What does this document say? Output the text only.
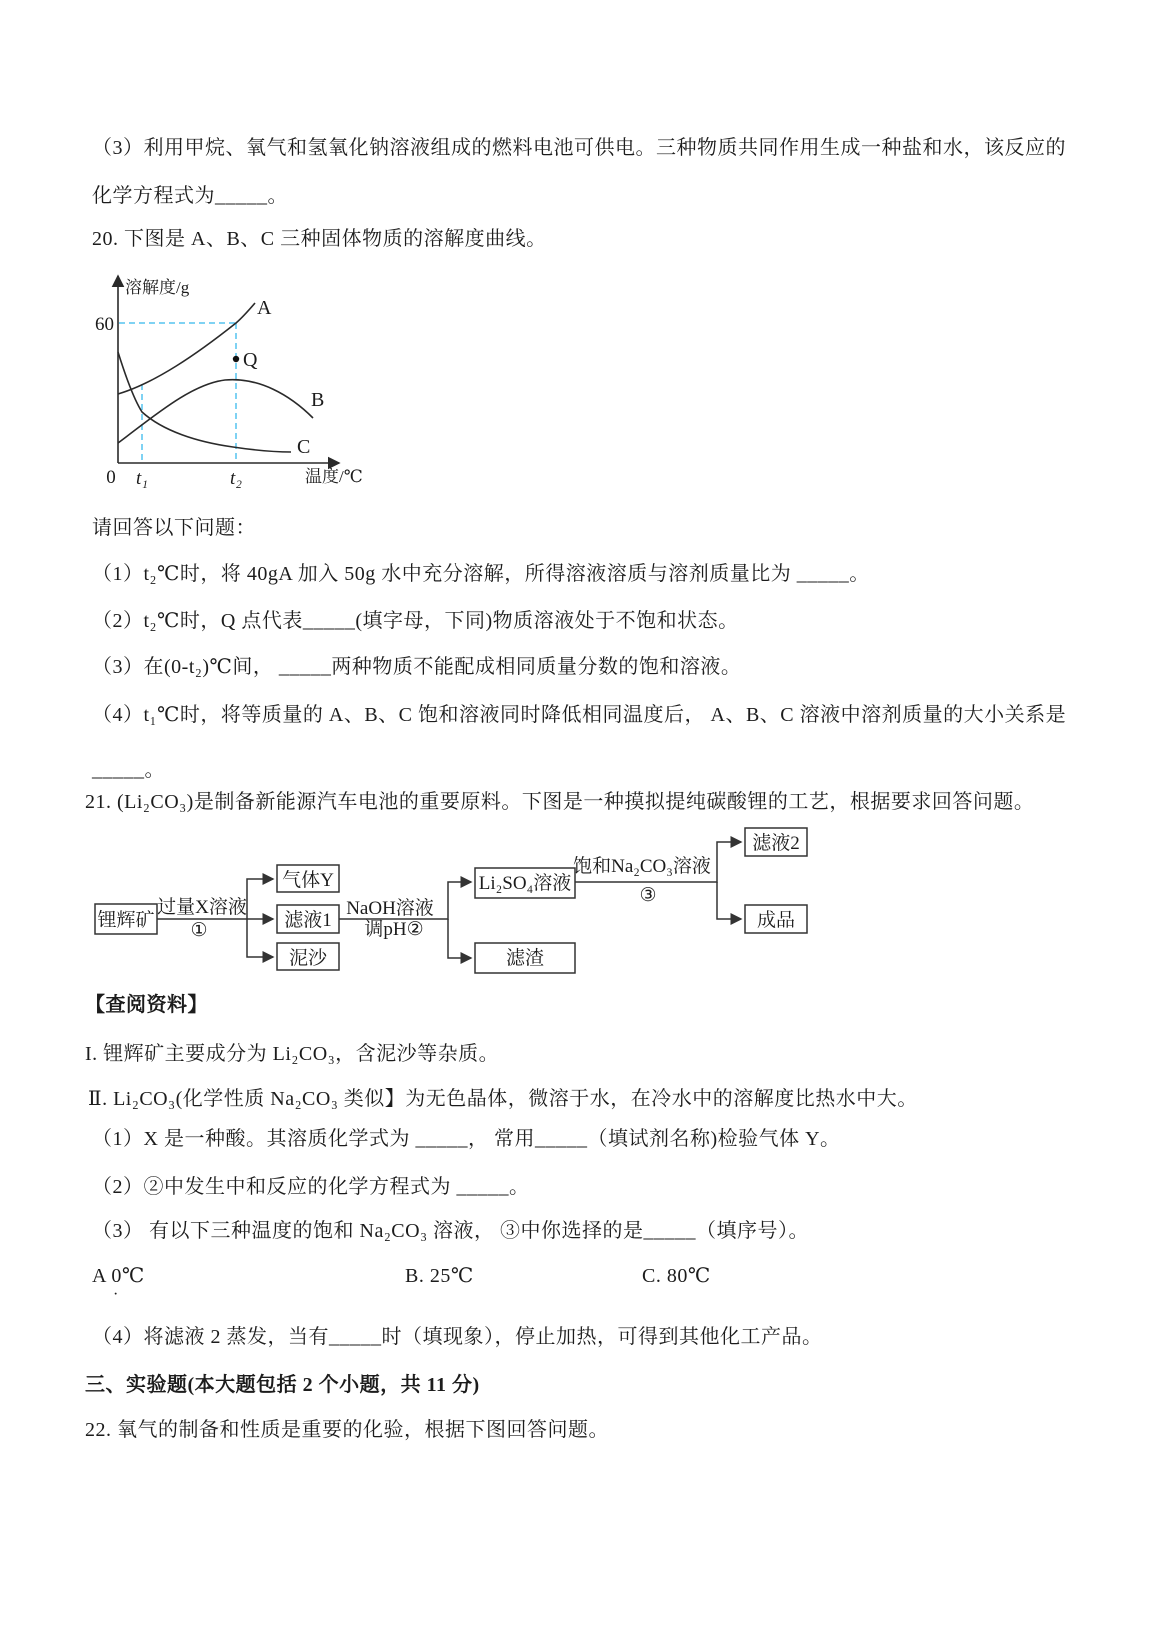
（3）利用甲烷、氧气和氢氧化钠溶液组成的燃料电池可供电。三种物质共同作用生成一种盐和水，该反应的
化学方程式为_____。
20. 下图是 A、B、C 三种固体物质的溶解度曲线。
溶解度/g
60
0 t₁	t₂	温度/℃
A
B
C
Q
请回答以下问题：
（1）t₂℃时，将 40gA 加入 50g 水中充分溶解，所得溶液溶质与溶剂质量比为 _____。
（2）t₂℃时，Q 点代表_____(填字母，下同)物质溶液处于不饱和状态。
（3）在(0-t₂)℃间， _____两种物质不能配成相同质量分数的饱和溶液。
（4）t₁℃时，将等质量的 A、B、C 饱和溶液同时降低相同温度后， A、B、C 溶液中溶剂质量的大小关系是
_____。
21. (Li₂CO₃)是制备新能源汽车电池的重要原料。下图是一种摸拟提纯碳酸锂的工艺，根据要求回答问题。
锂辉矿
气体Y
滤液1
泥沙
Li₂SO₄溶液
滤渣
滤液2
成品
过量X溶液
①
NaOH溶液
调pH②
饱和Na₂CO₃溶液
③
【查阅资料】
I. 锂辉矿主要成分为 Li₂CO₃，含泥沙等杂质。
Ⅱ. Li₂CO₃(化学性质 Na₂CO₃ 类似】为无色晶体，微溶于水，在冷水中的溶解度比热水中大。
（1）X 是一种酸。其溶质化学式为 _____， 常用_____（填试剂名称)检验气体 Y。
（2）②中发生中和反应的化学方程式为 _____。
（3） 有以下三种温度的饱和 Na₂CO₃ 溶液， ③中你选择的是_____（填序号）。
A 0℃	B. 25℃	C. 80℃
·
（4）将滤液 2 蒸发，当有_____时（填现象），停止加热，可得到其他化工产品。
三、实验题(本大题包括 2 个小题，共 11 分)
22. 氧气的制备和性质是重要的化验，根据下图回答问题。
